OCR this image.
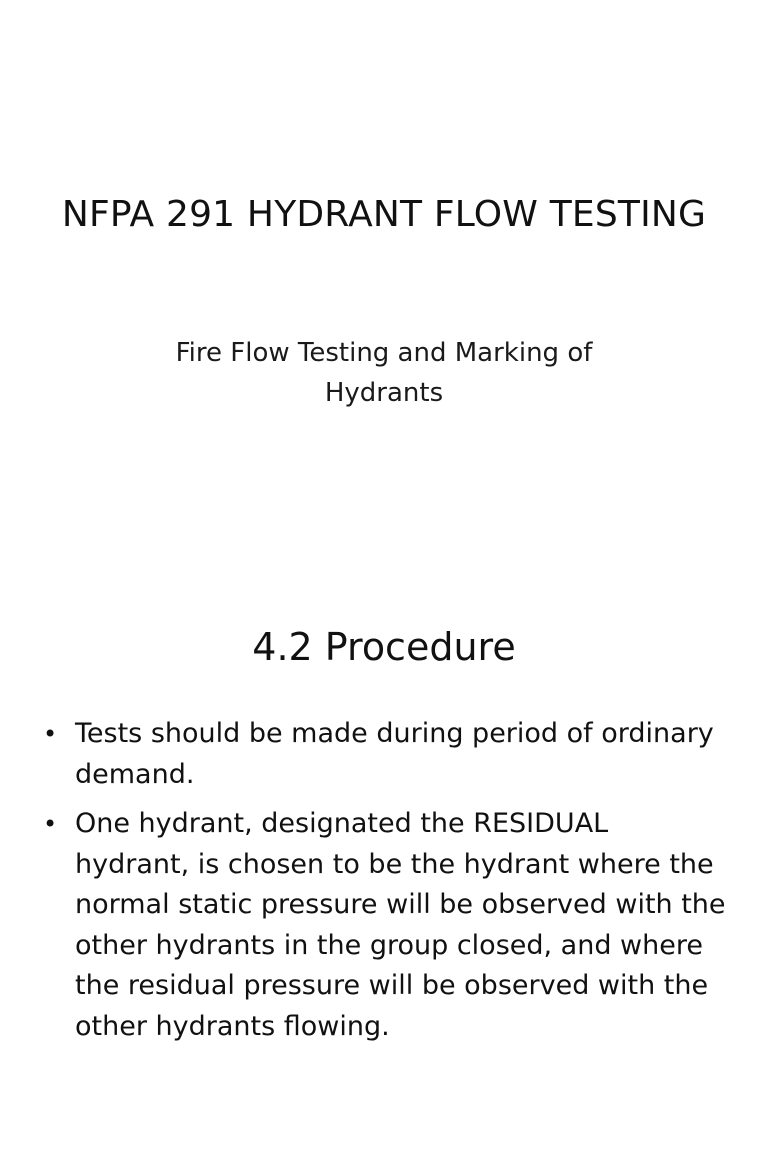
NFPA 291 HYDRANT FLOW TESTING

Fire Flow Testing and Marking of Hydrants

4.2 Procedure
• Tests should be made during period of ordinary demand.
• One hydrant, designated the RESIDUAL hydrant, is chosen to be the hydrant where the normal static pressure will be observed with the other hydrants in the group closed, and where the residual pressure will be observed with the other hydrants flowing.
